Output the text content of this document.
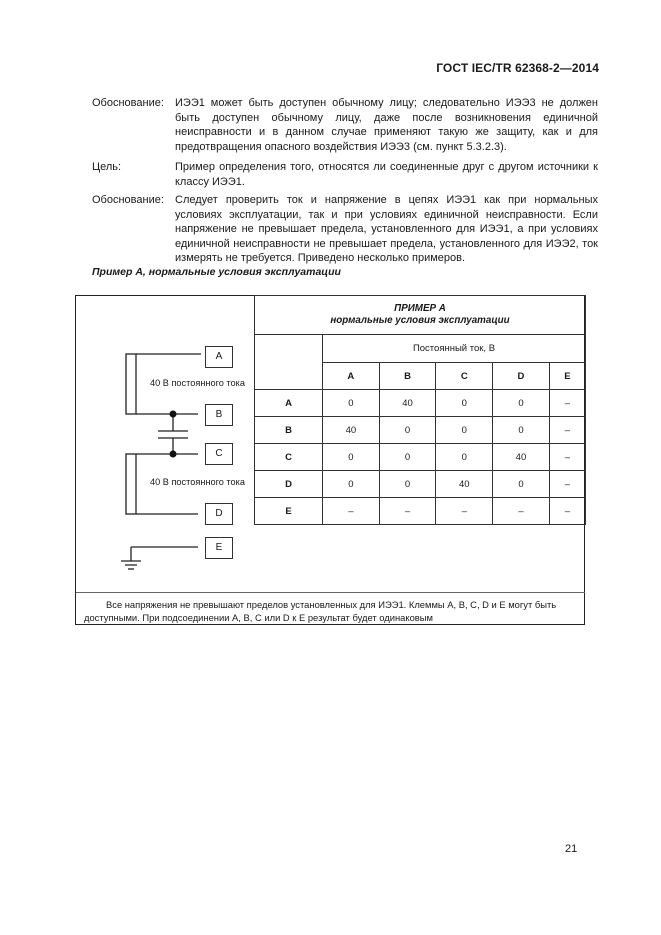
ГОСТ IEC/TR 62368-2—2014
Обоснование:	ИЭЭ1 может быть доступен обычному лицу; следовательно ИЭЭ3 не должен быть доступен обычному лицу, даже после возникновения единичной неисправности и в данном случае применяют такую же защиту, как и для предотвращения опасного воздействия ИЭЭ3 (см. пункт 5.3.2.3).
Цель:	Пример определения того, относятся ли соединенные друг с другом источники к классу ИЭЭ1.
Обоснование:	Следует проверить ток и напряжение в цепях ИЭЭ1 как при нормальных условиях эксплуатации, так и при условиях единичной неисправности. Если напряжение не превышает предела, установленного для ИЭЭ1, а при условиях единичной неисправности не превышает предела, установленного для ИЭЭ2, ток измерять не требуется. Приведено несколько примеров.
Пример А, нормальные условия эксплуатации
A
B
C
D
E
40 В постоянного тока
40 В постоянного тока
ПРИМЕР А
нормальные условия эксплуатации					

	Постоянный ток, В				
	A	B	C	D	E
A	0	40	0	0	–
B	40	0	0	0	–
C	0	0	0	40	–
D	0	0	40	0	–
E	–	–	–	–	–
Все напряжения не превышают пределов установленных для ИЭЭ1. Клеммы A, B, C, D и E могут быть доступными. При подсоединении A, B, C или D к E результат будет одинаковым
21
